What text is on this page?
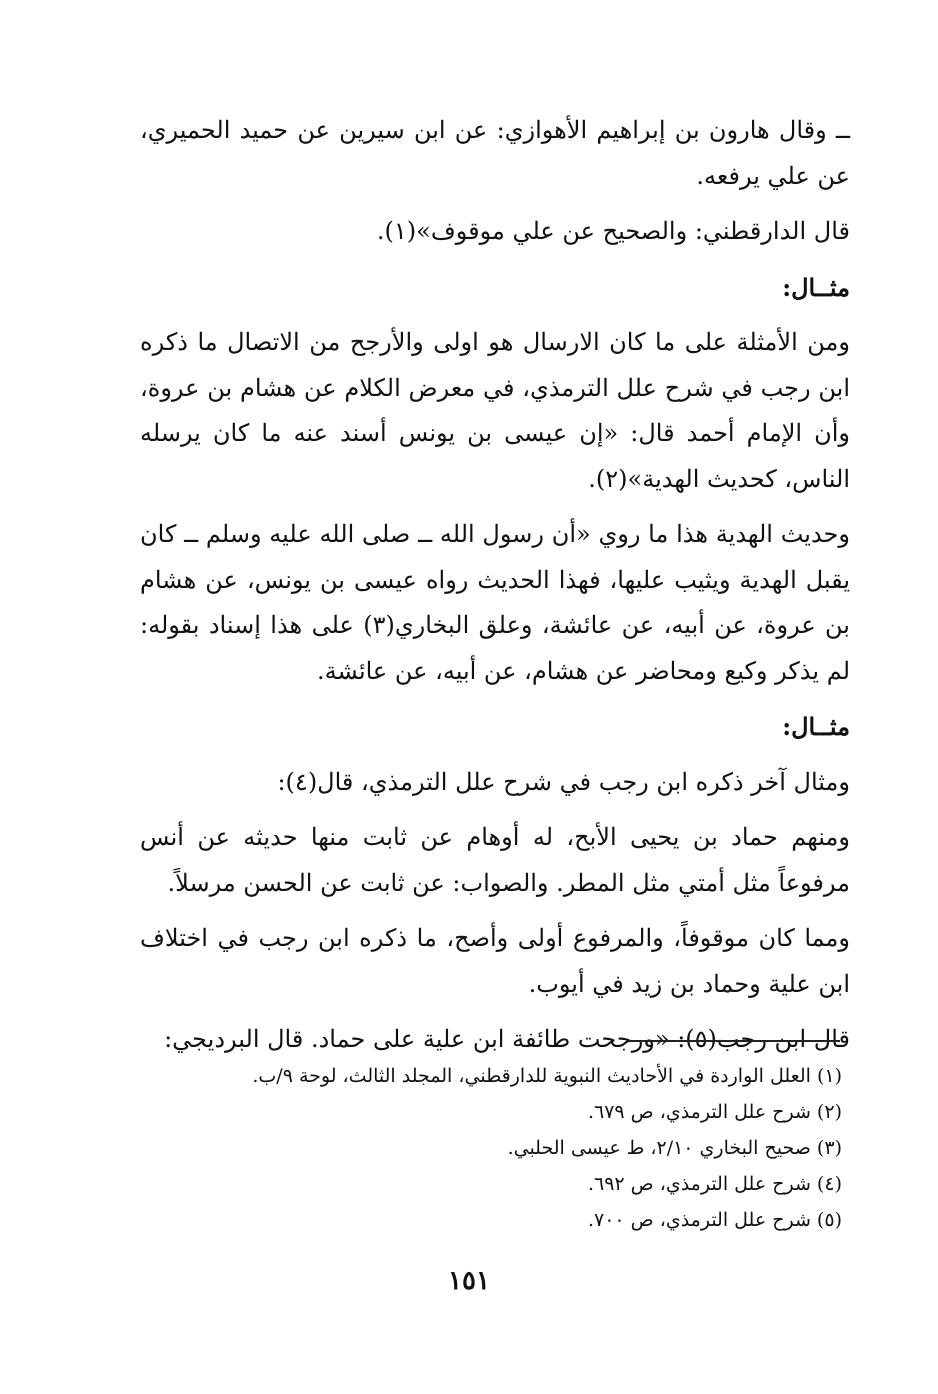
ــ وقال هارون بن إبراهيم الأهوازي: عن ابن سيرين عن حميد الحميري، عن علي يرفعه.

قال الدارقطني: والصحيح عن علي موقوف»(١).

مثــال:

ومن الأمثلة على ما كان الارسال هو اولى والأرجح من الاتصال ما ذكره ابن رجب في شرح علل الترمذي، في معرض الكلام عن هشام بن عروة، وأن الإمام أحمد قال: «إن عيسى بن يونس أسند عنه ما كان يرسله الناس، كحديث الهدية»(٢).

وحديث الهدية هذا ما روي «أن رسول الله ــ صلى الله عليه وسلم ــ كان يقبل الهدية ويثيب عليها، فهذا الحديث رواه عيسى بن يونس، عن هشام بن عروة، عن أبيه، عن عائشة، وعلق البخاري(٣) على هذا إسناد بقوله: لم يذكر وكيع ومحاضر عن هشام، عن أبيه، عن عائشة.

مثــال:

ومثال آخر ذكره ابن رجب في شرح علل الترمذي، قال(٤):

ومنهم حماد بن يحيى الأبح، له أوهام عن ثابت منها حديثه عن أنس مرفوعاً مثل أمتي مثل المطر. والصواب: عن ثابت عن الحسن مرسلاً.

ومما كان موقوفاً، والمرفوع أولى وأصح، ما ذكره ابن رجب في اختلاف ابن علية وحماد بن زيد في أيوب.

قال ابن رجب(٥): «ورجحت طائفة ابن علية على حماد. قال البرديجي:

(١) العلل الواردة في الأحاديث النبوية للدارقطني، المجلد الثالث، لوحة ٩/ب.
(٢) شرح علل الترمذي، ص ٦٧٩.
(٣) صحيح البخاري ٢/١٠، ط عيسى الحلبي.
(٤) شرح علل الترمذي، ص ٦٩٢.
(٥) شرح علل الترمذي، ص ٧٠٠.
١٥١
